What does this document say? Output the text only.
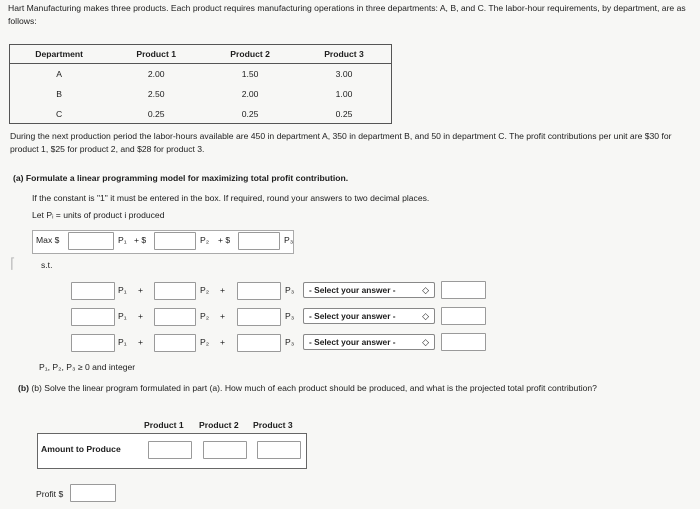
Hart Manufacturing makes three products. Each product requires manufacturing operations in three departments: A, B, and C. The labor-hour requirements, by department, are as follows:
Department	Product 1	Product 2	Product 3
A	2.00	1.50	3.00
B	2.50	2.00	1.00
C	0.25	0.25	0.25
During the next production period the labor-hours available are 450 in department A, 350 in department B, and 50 in department C. The profit contributions per unit are $30 for product 1, $25 for product 2, and $28 for product 3.
(a) Formulate a linear programming model for maximizing total profit contribution.
If the constant is "1" it must be entered in the box. If required, round your answers to two decimal places.
Let Pᵢ = units of product i produced
Max $	P₁ + $	P₂ + $	P₃
⌈	s.t.
P₁ +	P₂ +	P₃	- Select your answer -	◇
P₁ +	P₂ +	P₃	- Select your answer -	◇
P₁ +	P₂ +	P₃	- Select your answer -	◇
P₁, P₂, P₃ ≥ 0 and integer
(b) (b) Solve the linear program formulated in part (a). How much of each product should be produced, and what is the projected total profit contribution?
Product 1 Product 2 Product 3
Amount to Produce
Profit $
